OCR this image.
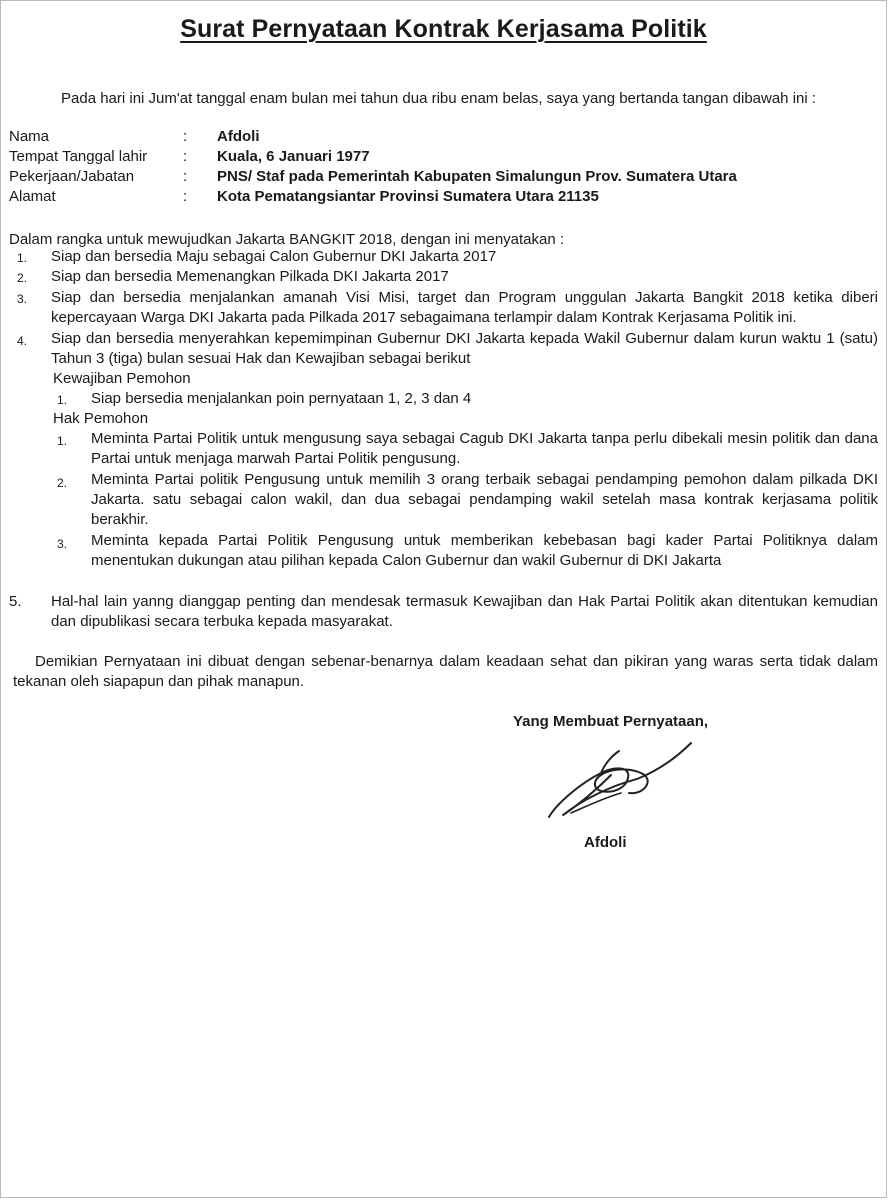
Surat Pernyataan Kontrak Kerjasama Politik
Pada hari ini Jum'at tanggal enam bulan mei tahun dua ribu enam belas, saya yang bertanda tangan dibawah ini :
Nama	: Afdoli
Tempat Tanggal lahir : Kuala, 6 Januari 1977
Pekerjaan/Jabatan	: PNS/ Staf pada Pemerintah Kabupaten Simalungun Prov. Sumatera Utara
Alamat	: Kota Pematangsiantar Provinsi Sumatera Utara 21135
Dalam rangka untuk mewujudkan Jakarta BANGKIT 2018, dengan ini menyatakan :
1. Siap dan bersedia Maju sebagai Calon Gubernur DKI Jakarta 2017
2. Siap dan bersedia Memenangkan Pilkada DKI Jakarta 2017
3. Siap dan bersedia menjalankan amanah Visi Misi, target dan Program unggulan Jakarta Bangkit 2018 ketika diberi kepercayaan Warga DKI Jakarta pada Pilkada 2017 sebagaimana terlampir dalam Kontrak Kerjasama Politik ini.
4. Siap dan bersedia menyerahkan kepemimpinan Gubernur DKI Jakarta kepada Wakil Gubernur dalam kurun waktu 1 (satu) Tahun 3 (tiga) bulan sesuai Hak dan Kewajiban sebagai berikut
Kewajiban Pemohon
1. Siap bersedia menjalankan poin pernyataan 1, 2, 3 dan 4
Hak Pemohon
1. Meminta Partai Politik untuk mengusung saya sebagai Cagub DKI Jakarta tanpa perlu dibekali mesin politik dan dana Partai untuk menjaga marwah Partai Politik pengusung.
2. Meminta Partai politik Pengusung untuk memilih 3 orang terbaik sebagai pendamping pemohon dalam pilkada DKI Jakarta. satu sebagai calon wakil, dan dua sebagai pendamping wakil setelah masa kontrak kerjasama politik berakhir.
3. Meminta kepada Partai Politik Pengusung untuk memberikan kebebasan bagi kader Partai Politiknya dalam menentukan dukungan atau pilihan kepada Calon Gubernur dan wakil Gubernur di DKI Jakarta
5. Hal-hal lain yanng dianggap penting dan mendesak termasuk Kewajiban dan Hak Partai Politik akan ditentukan kemudian dan dipublikasi secara terbuka kepada masyarakat.
Demikian Pernyataan ini dibuat dengan sebenar-benarnya dalam keadaan sehat dan pikiran yang waras serta tidak dalam tekanan oleh siapapun dan pihak manapun.
Yang Membuat Pernyataan,
Afdoli
